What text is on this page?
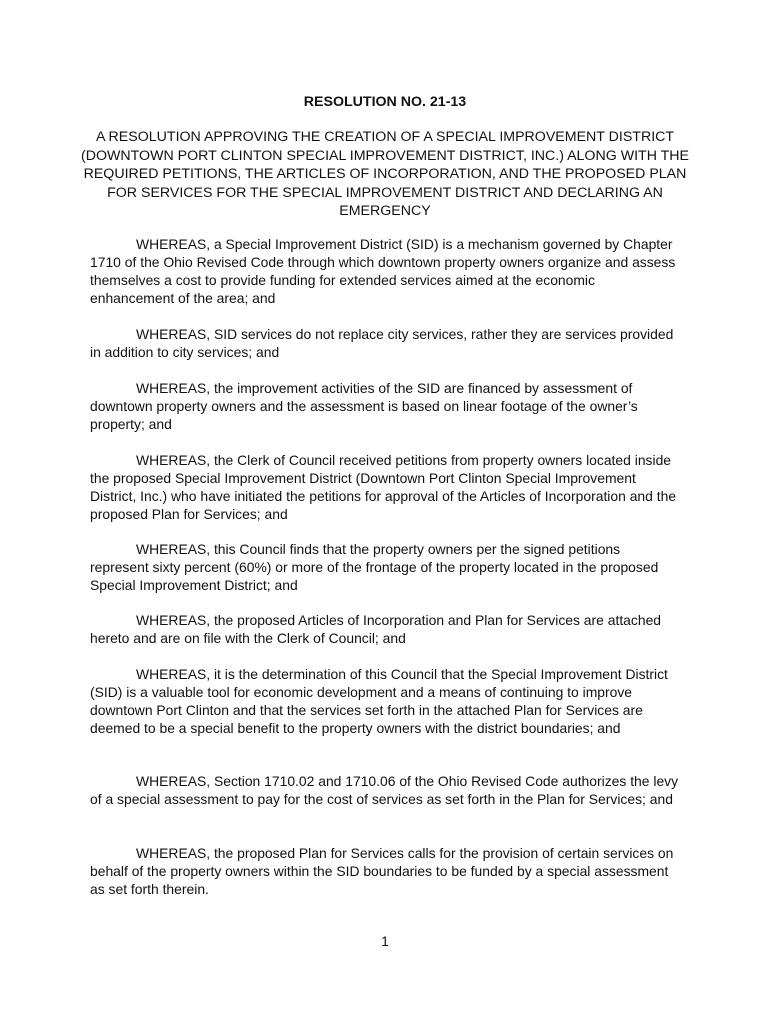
RESOLUTION NO. 21-13

A RESOLUTION APPROVING THE CREATION OF A SPECIAL IMPROVEMENT DISTRICT (DOWNTOWN PORT CLINTON SPECIAL IMPROVEMENT DISTRICT, INC.) ALONG WITH THE REQUIRED PETITIONS, THE ARTICLES OF INCORPORATION, AND THE PROPOSED PLAN FOR SERVICES FOR THE SPECIAL IMPROVEMENT DISTRICT AND DECLARING AN EMERGENCY

WHEREAS, a Special Improvement District (SID) is a mechanism governed by Chapter 1710 of the Ohio Revised Code through which downtown property owners organize and assess themselves a cost to provide funding for extended services aimed at the economic enhancement of the area; and

WHEREAS, SID services do not replace city services, rather they are services provided in addition to city services; and

WHEREAS, the improvement activities of the SID are financed by assessment of downtown property owners and the assessment is based on linear footage of the owner’s property; and

WHEREAS, the Clerk of Council received petitions from property owners located inside the proposed Special Improvement District (Downtown Port Clinton Special Improvement District, Inc.) who have initiated the petitions for approval of the Articles of Incorporation and the proposed Plan for Services; and

WHEREAS, this Council finds that the property owners per the signed petitions represent sixty percent (60%) or more of the frontage of the property located in the proposed Special Improvement District; and

WHEREAS, the proposed Articles of Incorporation and Plan for Services are attached hereto and are on file with the Clerk of Council; and

WHEREAS, it is the determination of this Council that the Special Improvement District (SID) is a valuable tool for economic development and a means of continuing to improve downtown Port Clinton and that the services set forth in the attached Plan for Services are deemed to be a special benefit to the property owners with the district boundaries; and

WHEREAS, Section 1710.02 and 1710.06 of the Ohio Revised Code authorizes the levy of a special assessment to pay for the cost of services as set forth in the Plan for Services; and

WHEREAS, the proposed Plan for Services calls for the provision of certain services on behalf of the property owners within the SID boundaries to be funded by a special assessment as set forth therein.

1
